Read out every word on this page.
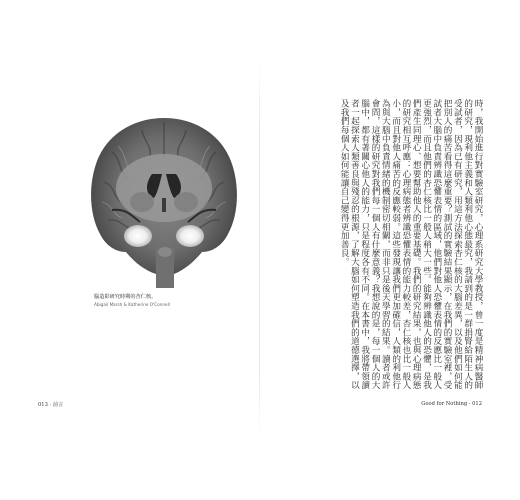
腦造影研究時期的杏仁核。
Abigail Marsh & Katherine O'Connell
013 · 前言

時，我開始進行對實驗室研究，心理系研究大學教授，曾一度是精神病醫師的研究，現利他主義和人類利他心態最究，我請到的是一群捐腎給陌生人的受試者，因為已有研究，用這方法探索杏仁核的大腦差異，以及他們如何能把別人的痛苦看得這麼重要？測試的實驗結果顯示，在我們的實驗室裡，受試者大腦中負責辨識恐懼表情的區域，他們對他人恐懼表情的反應比一般人更強烈，而且他們的杏仁核比一般人稍大一些。能夠辨識他人的恐懼，是我們產生同理心、想要幫助他人的重要基礎。我們的研究結果，也與心理病態的研究相互呼應：心理病態者辨識恐懼表情的能力較差，杏仁核也比一般人小，而且對他人痛苦的反應較弱。這些發現讓我們更加確信，人類的利他行為與大腦中負責情緒的機制密切相關，而非只是後天學習的結果。讀者或許會問，這樣的研究對我們每一個人有什麼意義？我想說的是，每一個人的大腦中，都有著關心他人的能力，只是程度各有不同。在本書中，我將帶領讀者一起探索人類善良與殘忍的根源，了解大腦如何塑造我們的道德選擇，以及我們每個人如何能讓自己變得更加善良。

Good for Nothing · 012
